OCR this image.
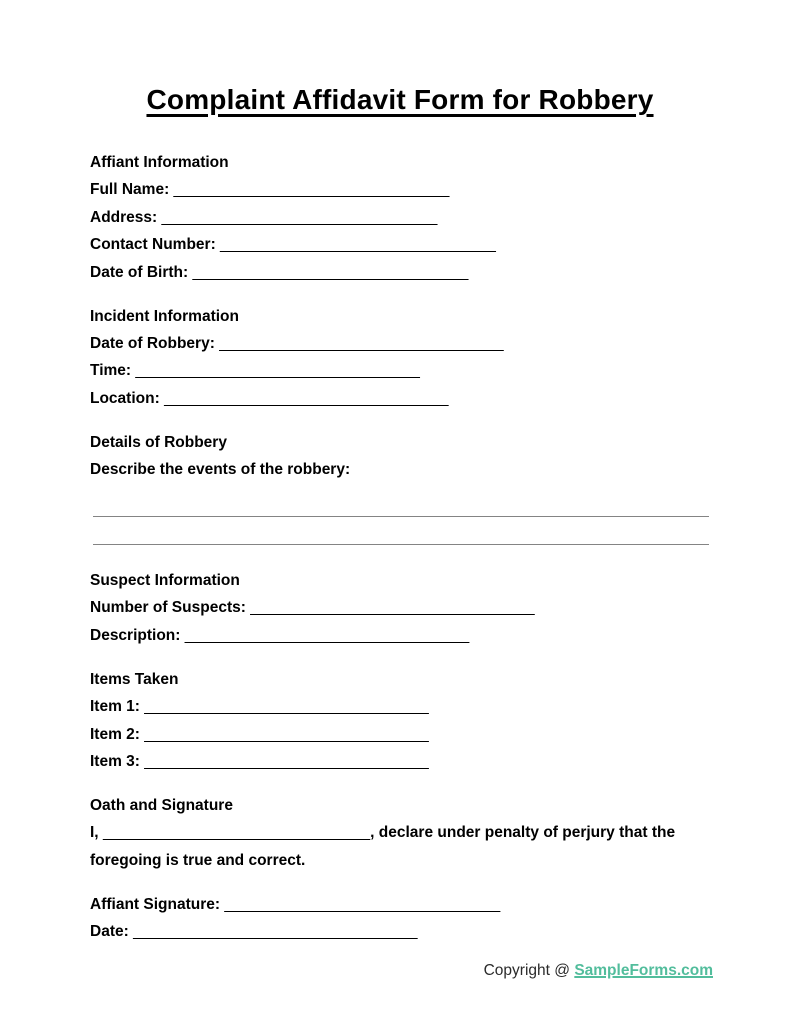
Complaint Affidavit Form for Robbery

Affiant Information

Full Name: ________________________________

Address: ________________________________

Contact Number: ________________________________

Date of Birth: ________________________________

Incident Information

Date of Robbery: _________________________________

Time: _________________________________

Location: _________________________________

Details of Robbery

Describe the events of the robbery:

Suspect Information

Number of Suspects: _________________________________

Description: _________________________________

Items Taken

Item 1: _________________________________

Item 2: _________________________________

Item 3: _________________________________

Oath and Signature

I, _______________________________, declare under penalty of perjury that the foregoing is true and correct.

Affiant Signature: ________________________________

Date: _________________________________

Copyright @ SampleForms.com
